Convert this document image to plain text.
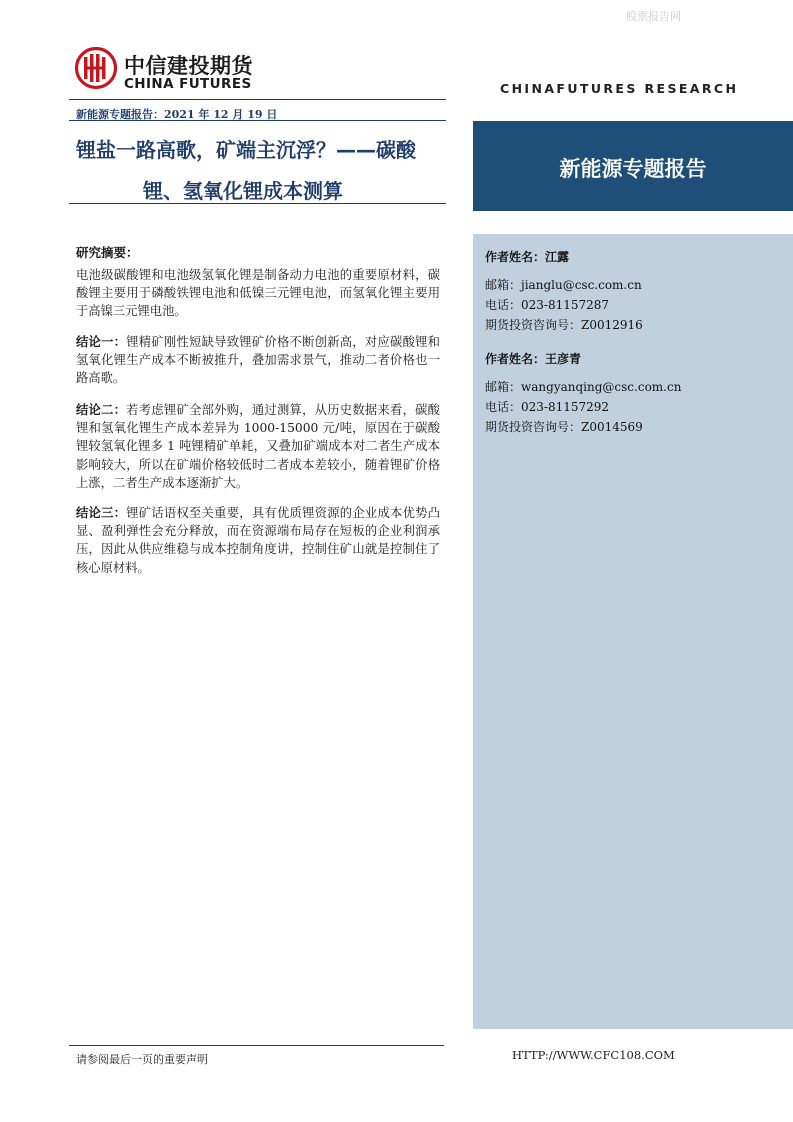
股票报告网
中信建投期货
CHINA FUTURES	CHINAFUTURES RESEARCH
新能源专题报告：2021 年 12 月 19 日
锂盐一路高歌，矿端主沉浮？——碳酸
锂、氢氧化锂成本测算
新能源专题报告
作者姓名：江露
邮箱：jianglu@csc.com.cn
电话：023-81157287
期货投资咨询号：Z0012916
作者姓名：王彦青
邮箱：wangyanqing@csc.com.cn
电话：023-81157292
期货投资咨询号：Z0014569
研究摘要：
电池级碳酸锂和电池级氢氧化锂是制备动力电池的重要原材料，碳酸锂主要用于磷酸铁锂电池和低镍三元锂电池，而氢氧化锂主要用于高镍三元锂电池。
结论一：锂精矿刚性短缺导致锂矿价格不断创新高，对应碳酸锂和氢氧化锂生产成本不断被推升，叠加需求景气，推动二者价格也一路高歌。
结论二：若考虑锂矿全部外购，通过测算，从历史数据来看，碳酸锂和氢氧化锂生产成本差异为 1000-15000 元/吨，原因在于碳酸锂较氢氧化锂多 1 吨锂精矿单耗，又叠加矿端成本对二者生产成本影响较大，所以在矿端价格较低时二者成本差较小，随着锂矿价格上涨，二者生产成本逐渐扩大。
结论三：锂矿话语权至关重要，具有优质锂资源的企业成本优势凸显、盈利弹性会充分释放，而在资源端布局存在短板的企业利润承压，因此从供应维稳与成本控制角度讲，控制住矿山就是控制住了核心原材料。
请参阅最后一页的重要声明	HTTP://WWW.CFC108.COM
